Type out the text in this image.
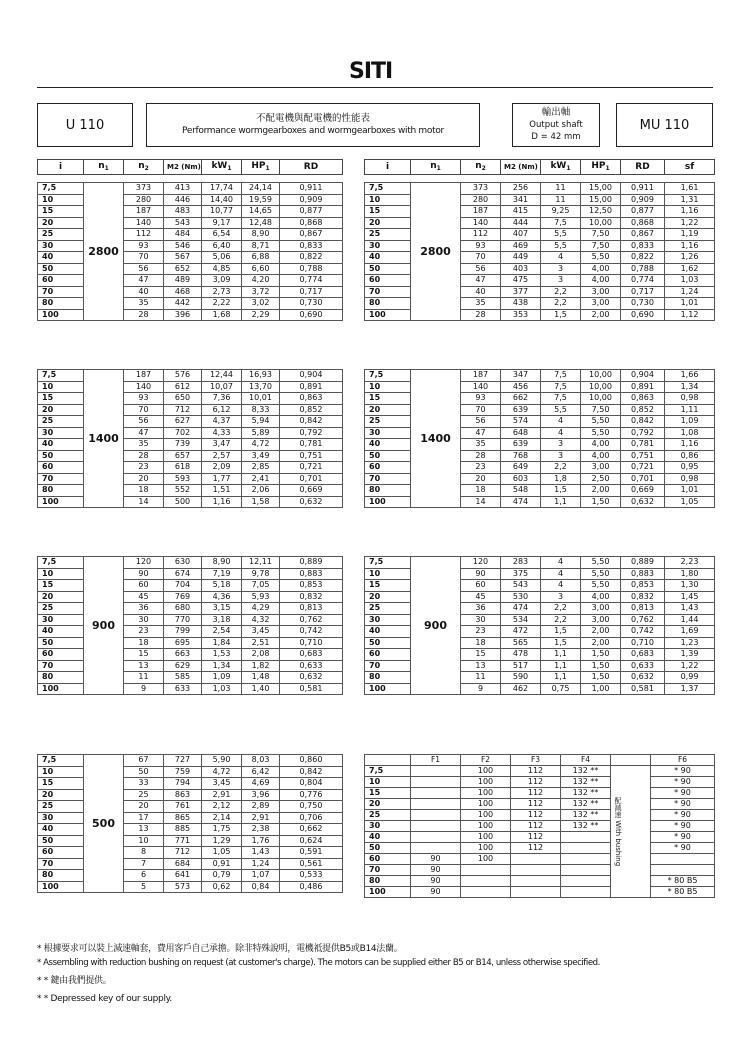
SITI
U 110	不配電機與配電機的性能表
Performance wormgearboxes and wormgearboxes with motor
輸出軸
Output shaft
D = 42 mm
MU 110
i	$n_1$	$n_2$	M2 (Nm)	$kW_1$	$HP_1$	RD	i	$n_1$	$n_2$	M2 (Nm)	$kW_1$	$HP_1$	RD	sf
7,5	2800	373	413	17,74	24,14	0,911
10		280	446	14,40	19,59	0,909
15		187	483	10,77	14,65	0,877
20		140	543	9,17	12,48	0,868
25		112	484	6,54	8,90	0,867
30		93	546	6,40	8,71	0,833
40		70	567	5,06	6,88	0,822
50		56	652	4,85	6,60	0,788
60		47	489	3,09	4,20	0,774
70		40	468	2,73	3,72	0,717
80		35	442	2,22	3,02	0,730
100		28	396	1,68	2,29	0,690
7,5	1400	187	576	12,44	16,93	0,904
10		140	612	10,07	13,70	0,891
15		93	650	7,36	10,01	0,863
20		70	712	6,12	8,33	0,852
25		56	627	4,37	5,94	0,842
30		47	702	4,33	5,89	0,792
40		35	739	3,47	4,72	0,781
50		28	657	2,57	3,49	0,751
60		23	618	2,09	2,85	0,721
70		20	593	1,77	2,41	0,701
80		18	552	1,51	2,06	0,669
100		14	500	1,16	1,58	0,632
7,5	900	120	630	8,90	12,11	0,889
10		90	674	7,19	9,78	0,883
15		60	704	5,18	7,05	0,853
20		45	769	4,36	5,93	0,832
25		36	680	3,15	4,29	0,813
30		30	770	3,18	4,32	0,762
40		23	799	2,54	3,45	0,742
50		18	695	1,84	2,51	0,710
60		15	663	1,53	2,08	0,683
70		13	629	1,34	1,82	0,633
80		11	585	1,09	1,48	0,632
100		9	633	1,03	1,40	0,581
7,5	500	67	727	5,90	8,03	0,860
10		50	759	4,72	6,42	0,842
15		33	794	3,45	4,69	0,804
20		25	863	2,91	3,96	0,776
25		20	761	2,12	2,89	0,750
30		17	865	2,14	2,91	0,706
40		13	885	1,75	2,38	0,662
50		10	771	1,29	1,76	0,624
60		8	712	1,05	1,43	0,591
70		7	684	0,91	1,24	0,561
80		6	641	0,79	1,07	0,533
100		5	573	0,62	0,84	0,486
7,5	2800	373	256	11	15,00	0,911	1,61
10		280	341	11	15,00	0,909	1,31
15		187	415	9,25	12,50	0,877	1,16
20		140	444	7,5	10,00	0,868	1,22
25		112	407	5,5	7,50	0,867	1,19
30		93	469	5,5	7,50	0,833	1,16
40		70	449	4	5,50	0,822	1,26
50		56	403	3	4,00	0,788	1,62
60		47	475	3	4,00	0,774	1,03
70		40	377	2,2	3,00	0,717	1,24
80		35	438	2,2	3,00	0,730	1,01
100		28	353	1,5	2,00	0,690	1,12
7,5	1400	187	347	7,5	10,00	0,904	1,66
10		140	456	7,5	10,00	0,891	1,34
15		93	662	7,5	10,00	0,863	0,98
20		70	639	5,5	7,50	0,852	1,11
25		56	574	4	5,50	0,842	1,09
30		47	648	4	5,50	0,792	1,08
40		35	639	3	4,00	0,781	1,16
50		28	768	3	4,00	0,751	0,86
60		23	649	2,2	3,00	0,721	0,95
70		20	603	1,8	2,50	0,701	0,98
80		18	548	1,5	2,00	0,669	1,01
100		14	474	1,1	1,50	0,632	1,05
7,5	900	120	283	4	5,50	0,889	2,23
10		90	375	4	5,50	0,883	1,80
15		60	543	4	5,50	0,853	1,30
20		45	530	3	4,00	0,832	1,45
25		36	474	2,2	3,00	0,813	1,43
30		30	534	2,2	3,00	0,762	1,44
40		23	472	1,5	2,00	0,742	1,69
50		18	565	1,5	2,00	0,710	1,23
60		15	478	1,1	1,50	0,683	1,39
70		13	517	1,1	1,50	0,633	1,22
80		11	590	1,1	1,50	0,632	0,99
100		9	462	0,75	1,00	0,581	1,37
	F1	F2	F3	F4		F6
7,5		100	112	132 **	配減速 With bushing	* 90
10		100	112	132 **		* 90
15		100	112	132 **		* 90
20		100	112	132 **		* 90
25		100	112	132 **		* 90
30		100	112	132 **		* 90
40		100	112			* 90
50		100	112			* 90
60	90	100				
70	90					
80	90					* 80 B5
100	90					* 80 B5
* 根據要求可以裝上減速軸套，費用客戶自己承擔。除非特殊說明，電機祗提供B5或B14法蘭。
* Assembling with reduction bushing on request (at customer's charge). The motors can be supplied either B5 or B14, unless otherwise specified.
* * 鍵由我們提供。
* * Depressed key of our supply.
